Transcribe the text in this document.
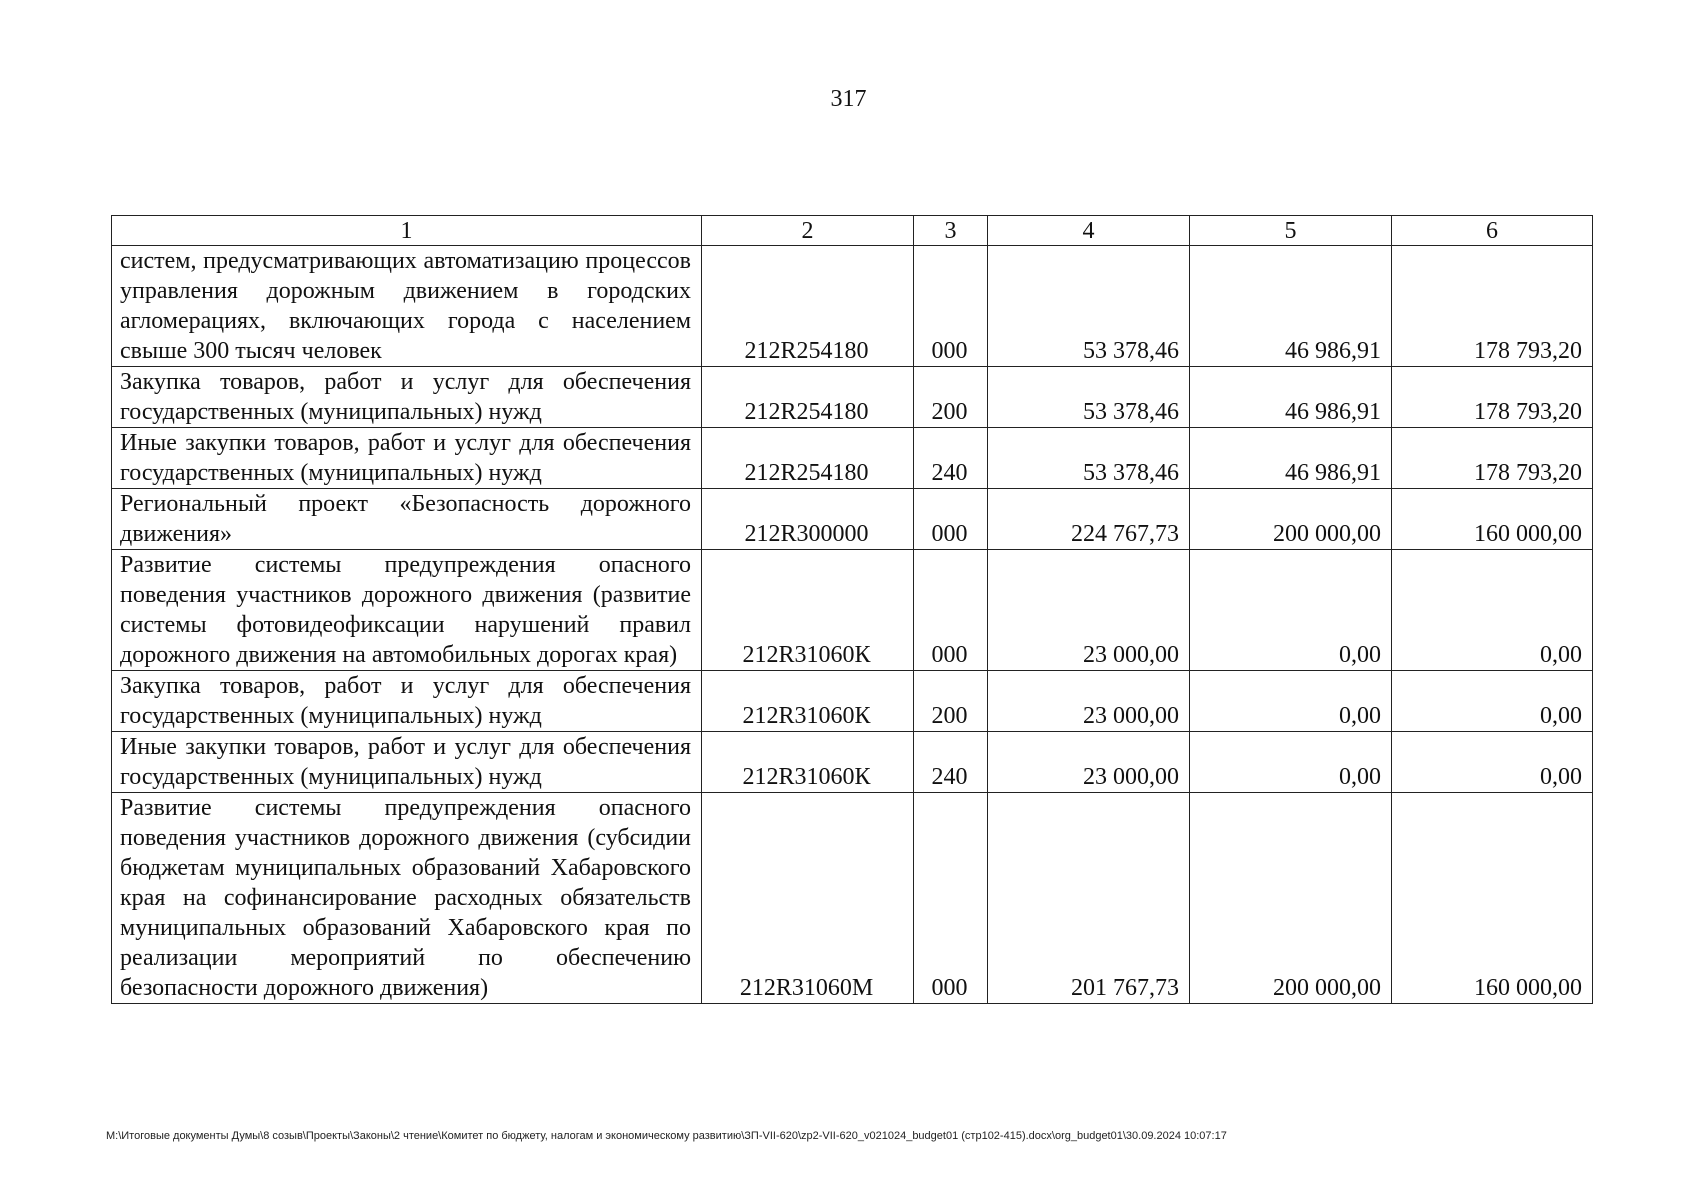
317
1	2	3	4	5	6
систем, предусматривающих автоматизацию процессов управления дорожным движением в городских агломерациях, включающих города с населением свыше 300 тысяч человек	212R254180	000	53 378,46	46 986,91	178 793,20
Закупка товаров, работ и услуг для обеспечения государственных (муниципальных) нужд	212R254180	200	53 378,46	46 986,91	178 793,20
Иные закупки товаров, работ и услуг для обеспечения государственных (муниципальных) нужд	212R254180	240	53 378,46	46 986,91	178 793,20
Региональный проект «Безопасность дорожного движения»	212R300000	000	224 767,73	200 000,00	160 000,00
Развитие системы предупреждения опасного поведения участников дорожного движения (развитие системы фотовидеофиксации нарушений правил дорожного движения на автомобильных дорогах края)	212R31060К	000	23 000,00	0,00	0,00
Закупка товаров, работ и услуг для обеспечения государственных (муниципальных) нужд	212R31060К	200	23 000,00	0,00	0,00
Иные закупки товаров, работ и услуг для обеспечения государственных (муниципальных) нужд	212R31060К	240	23 000,00	0,00	0,00
Развитие системы предупреждения опасного поведения участников дорожного движения (субсидии бюджетам муниципальных образований Хабаровского края на софинансирование расходных обязательств муниципальных образований Хабаровского края по реализации мероприятий по обеспечению безопасности дорожного движения)	212R31060М	000	201 767,73	200 000,00	160 000,00
M:\Итоговые документы Думы\8 созыв\Проекты\Законы\2 чтение\Комитет по бюджету, налогам и экономическому развитию\ЗП-VII-620\zp2-VII-620_v021024_budget01 (стр102-415).docx\org_budget01\30.09.2024 10:07:17
